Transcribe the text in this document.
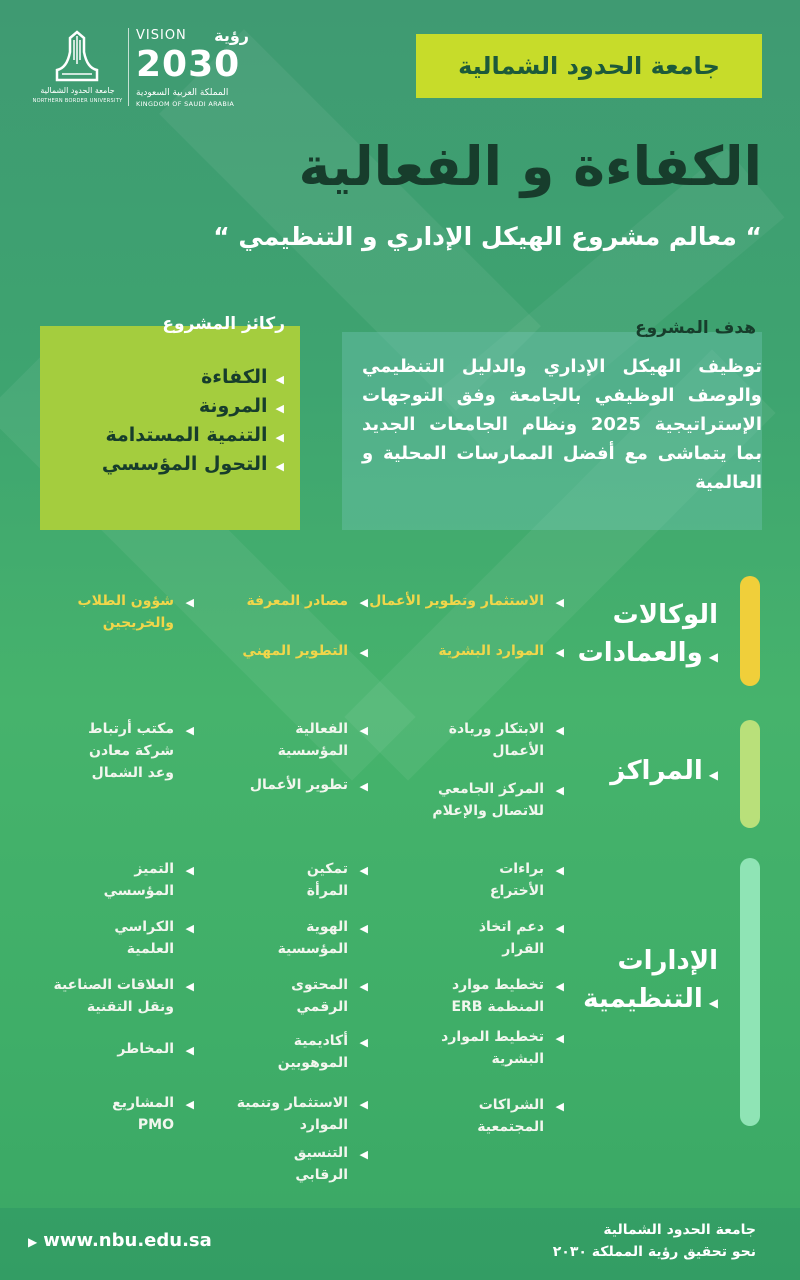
جامعة الحدود الشمالية
NORTHERN BORDER UNIVERSITY
VISION رؤية
2030
المملكة العربية السعودية
KINGDOM OF SAUDI ARABIA
جامعة الحدود الشمالية
الكفاءة و الفعالية
“ معالم مشروع الهيكل الإداري و التنظيمي “
هدف المشروع
توظيف الهيكل الإداري والدليل التنظيمي والوصف الوظيفي بالجامعة وفق التوجهات الإستراتيجية 2025 ونظام الجامعات الجديد بما يتماشى مع أفضل الممارسات المحلية و العالمية
ركائز المشروع
◀الكفاءة
◀المرونة
◀التنمية المستدامة
◀التحول المؤسسي
الوكالات
◀والعمادات
◀
الاستثمار وتطوير الأعمال
◀
مصادر المعرفة
◀
شؤون الطلاب والخريجين
◀
الموارد البشرية
◀
التطوير المهني
◀المراكز
◀
الابتكار وريادة الأعمال
◀
الفعالية المؤسسية
◀
مكتب أرتباط شركة معادن وعد الشمال
◀
المركز الجامعي للاتصال والإعلام
◀
تطوير الأعمال
الإدارات
◀التنظيمية
◀
براءات الأختراع
◀
تمكين المرأة
◀
التميز المؤسسي
◀
دعم اتخاذ القرار
◀
الهوية المؤسسية
◀
الكراسي العلمية
◀
تخطيط موارد المنظمة ERB
◀
المحتوى الرقمي
◀
العلاقات الصناعية ونقل التقنية
◀
تخطيط الموارد البشرية
◀
أكاديمية الموهوبين
◀
المخاطر
◀
الشراكات المجتمعية
◀
الاستثمار وتنمية الموارد
◀
المشاريع PMO
◀
التنسيق الرقابي
▶ www.nbu.edu.sa	جامعة الحدود الشمالية
نحو تحقيق رؤية المملكة ٢٠٣٠
